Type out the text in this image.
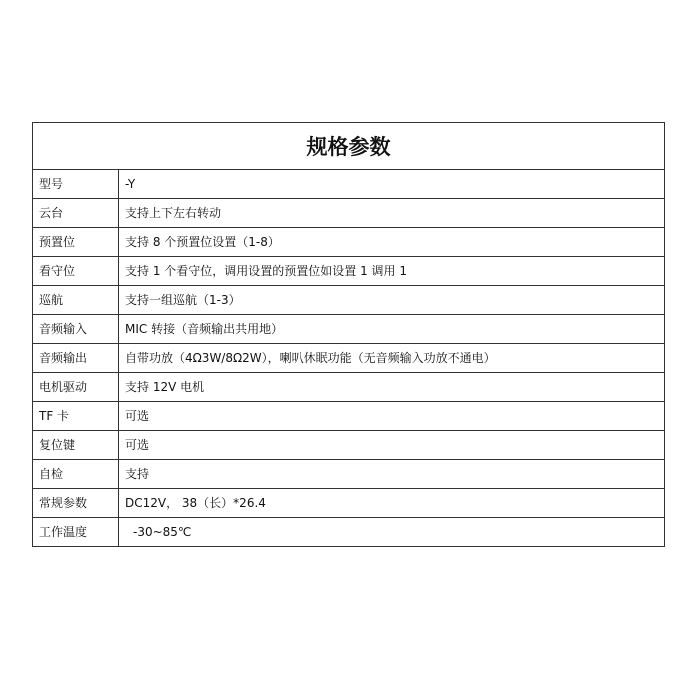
规格参数	
型号	-Y
云台	支持上下左右转动
预置位	支持 8 个预置位设置（1-8）
看守位	支持 1 个看守位，调用设置的预置位如设置 1 调用 1
巡航	支持一组巡航（1-3）
音频输入	MIC 转接（音频输出共用地）
音频输出	自带功放（4Ω3W/8Ω2W），喇叭休眠功能（无音频输入功放不通电）
电机驱动	支持 12V 电机
TF 卡	可选
复位键	可选
自检	支持
常规参数	DC12V， 38（长）*26.4
工作温度	-30~85℃
